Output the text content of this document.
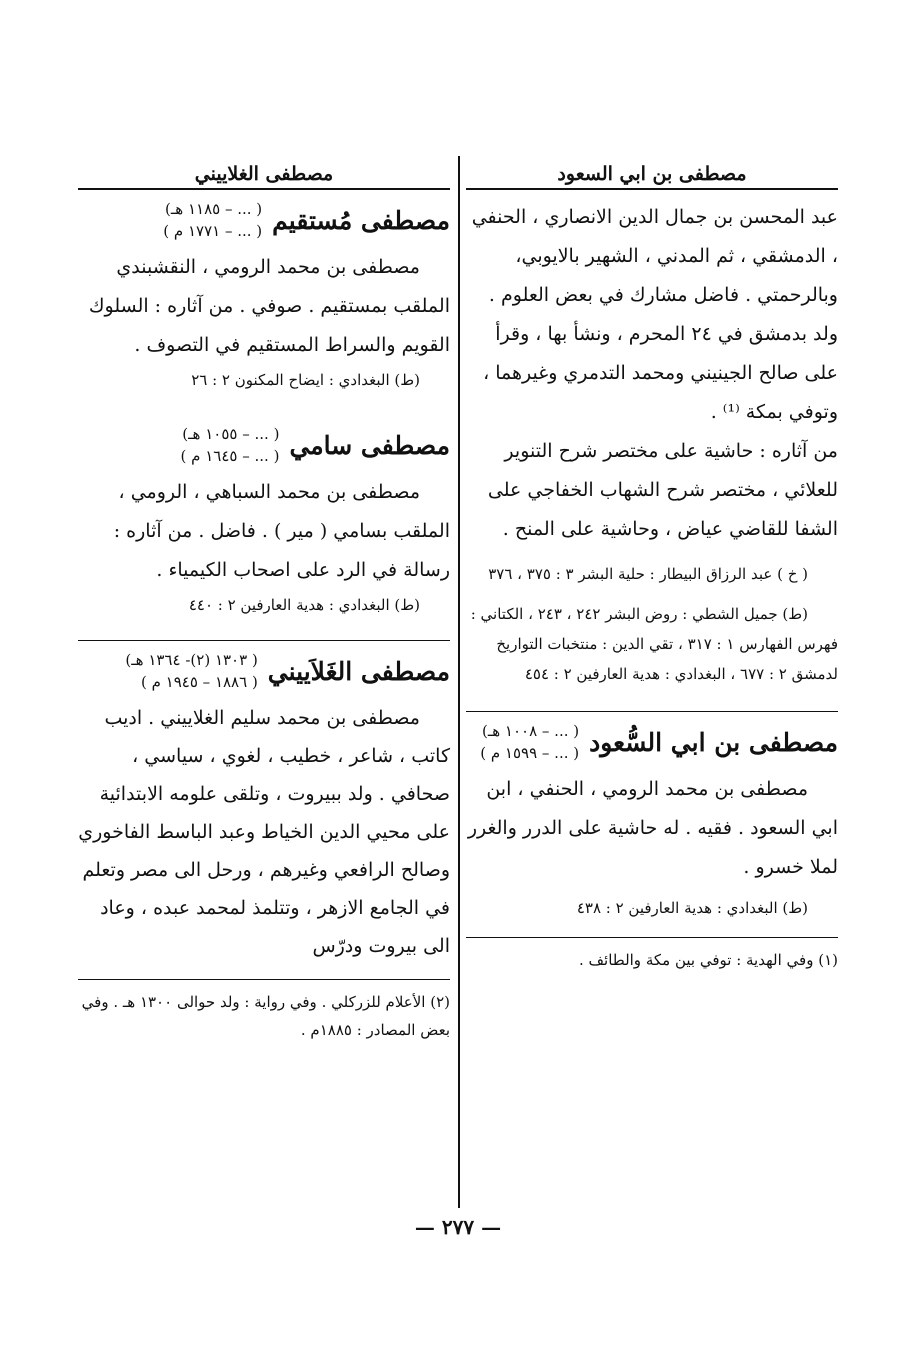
مصطفى بن ابي السعود
عبد المحسن بن جمال الدين الانصاري ، الحنفي ، الدمشقي ، ثم المدني ، الشهير بالايوبي، وبالرحمتي . فاضل مشارك في بعض العلوم . ولد بدمشق في ٢٤ المحرم ، ونشأ بها ، وقرأ على صالح الجينيني ومحمد التدمري وغيرهما ، وتوفي بمكة ⁽¹⁾ .
من آثاره : حاشية على مختصر شرح التنوير للعلائي ، مختصر شرح الشهاب الخفاجي على الشفا للقاضي عياض ، وحاشية على المنح .
( خ ) عبد الرزاق البيطار : حلية البشر ٣ : ٣٧٥ ، ٣٧٦
(ط) جميل الشطي : روض البشر ٢٤٢ ، ٢٤٣ ، الكتاني : فهرس الفهارس ١ : ٣١٧ ، تقي الدين : منتخبات التواريخ لدمشق ٢ : ٦٧٧ ، البغدادي : هدية العارفين ٢ : ٤٥٤
مصطفى بن ابي السُّعود
( ... – ١٠٠٨ هـ)
( ... – ١٥٩٩ م )
مصطفى بن محمد الرومي ، الحنفي ، ابن ابي السعود . فقيه . له حاشية على الدرر والغرر لملا خسرو .
(ط) البغدادي : هدية العارفين ٢ : ٤٣٨
(١) وفي الهدية : توفي بين مكة والطائف .
مصطفى الغلاييني
مصطفى مُستقيم
( ... – ١١٨٥ هـ)
( ... – ١٧٧١ م )
مصطفى بن محمد الرومي ، النقشبندي الملقب بمستقيم . صوفي . من آثاره : السلوك القويم والسراط المستقيم في التصوف .
(ط) البغدادي : ايضاح المكنون ٢ : ٢٦
مصطفى سامي
( ... – ١٠٥٥ هـ)
( ... – ١٦٤٥ م )
مصطفى بن محمد السباهي ، الرومي ، الملقب بسامي ( مير ) . فاضل . من آثاره : رسالة في الرد على اصحاب الكيمياء .
(ط) البغدادي : هدية العارفين ٢ : ٤٤٠
مصطفى الغَلاَييني
( ١٣٠٣ (٢)- ١٣٦٤ هـ)
( ١٨٨٦ – ١٩٤٥ م )
مصطفى بن محمد سليم الغلاييني . اديب كاتب ، شاعر ، خطيب ، لغوي ، سياسي ، صحافي . ولد ببيروت ، وتلقى علومه الابتدائية على محيي الدين الخياط وعبد الباسط الفاخوري وصالح الرافعي وغيرهم ، ورحل الى مصر وتعلم في الجامع الازهر ، وتتلمذ لمحمد عبده ، وعاد الى بيروت ودرّس
(٢) الأعلام للزركلي . وفي رواية : ولد حوالى ١٣٠٠ هـ . وفي بعض المصادر : ١٨٨٥م .
— ٢٧٧ —
